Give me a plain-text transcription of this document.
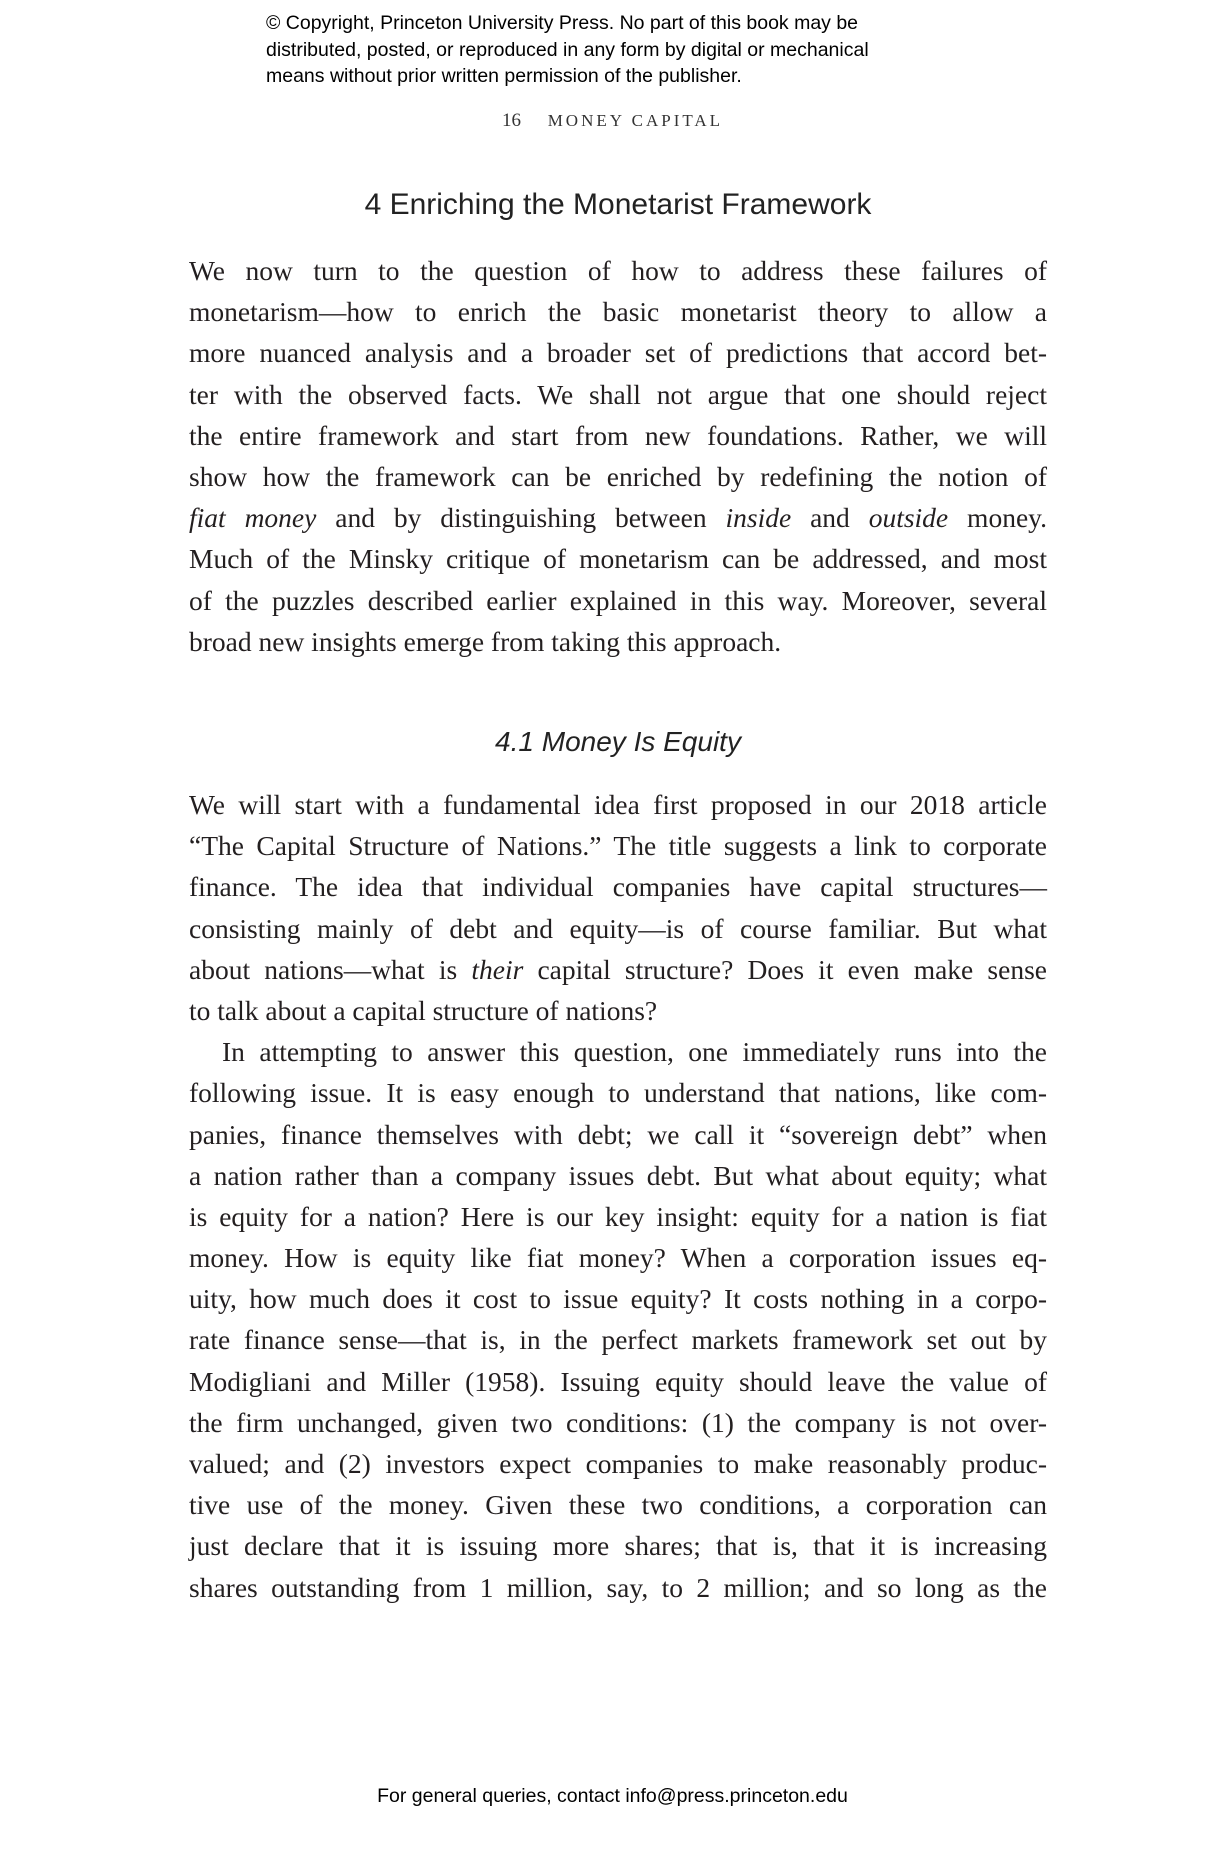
© Copyright, Princeton University Press. No part of this book may be
distributed, posted, or reproduced in any form by digital or mechanical
means without prior written permission of the publisher.
16 MONEY CAPITAL
4 Enriching the Monetarist Framework
We now turn to the question of how to address these failures of
monetarism—how to enrich the basic monetarist theory to allow a
more nuanced analysis and a broader set of predictions that accord bet-
ter with the observed facts. We shall not argue that one should reject
the entire framework and start from new foundations. Rather, we will
show how the framework can be enriched by redefining the notion of
fiat money and by distinguishing between inside and outside money.
Much of the Minsky critique of monetarism can be addressed, and most
of the puzzles described earlier explained in this way. Moreover, several
broad new insights emerge from taking this approach.
4.1 Money Is Equity
We will start with a fundamental idea first proposed in our 2018 article
“The Capital Structure of Nations.” The title suggests a link to corporate
finance. The idea that individual companies have capital structures—
consisting mainly of debt and equity—is of course familiar. But what
about nations—what is their capital structure? Does it even make sense
to talk about a capital structure of nations?
In attempting to answer this question, one immediately runs into the
following issue. It is easy enough to understand that nations, like com-
panies, finance themselves with debt; we call it “sovereign debt” when
a nation rather than a company issues debt. But what about equity; what
is equity for a nation? Here is our key insight: equity for a nation is fiat
money. How is equity like fiat money? When a corporation issues eq-
uity, how much does it cost to issue equity? It costs nothing in a corpo-
rate finance sense—that is, in the perfect markets framework set out by
Modigliani and Miller (1958). Issuing equity should leave the value of
the firm unchanged, given two conditions: (1) the company is not over-
valued; and (2) investors expect companies to make reasonably produc-
tive use of the money. Given these two conditions, a corporation can
just declare that it is issuing more shares; that is, that it is increasing
shares outstanding from 1 million, say, to 2 million; and so long as the
For general queries, contact info@press.princeton.edu
